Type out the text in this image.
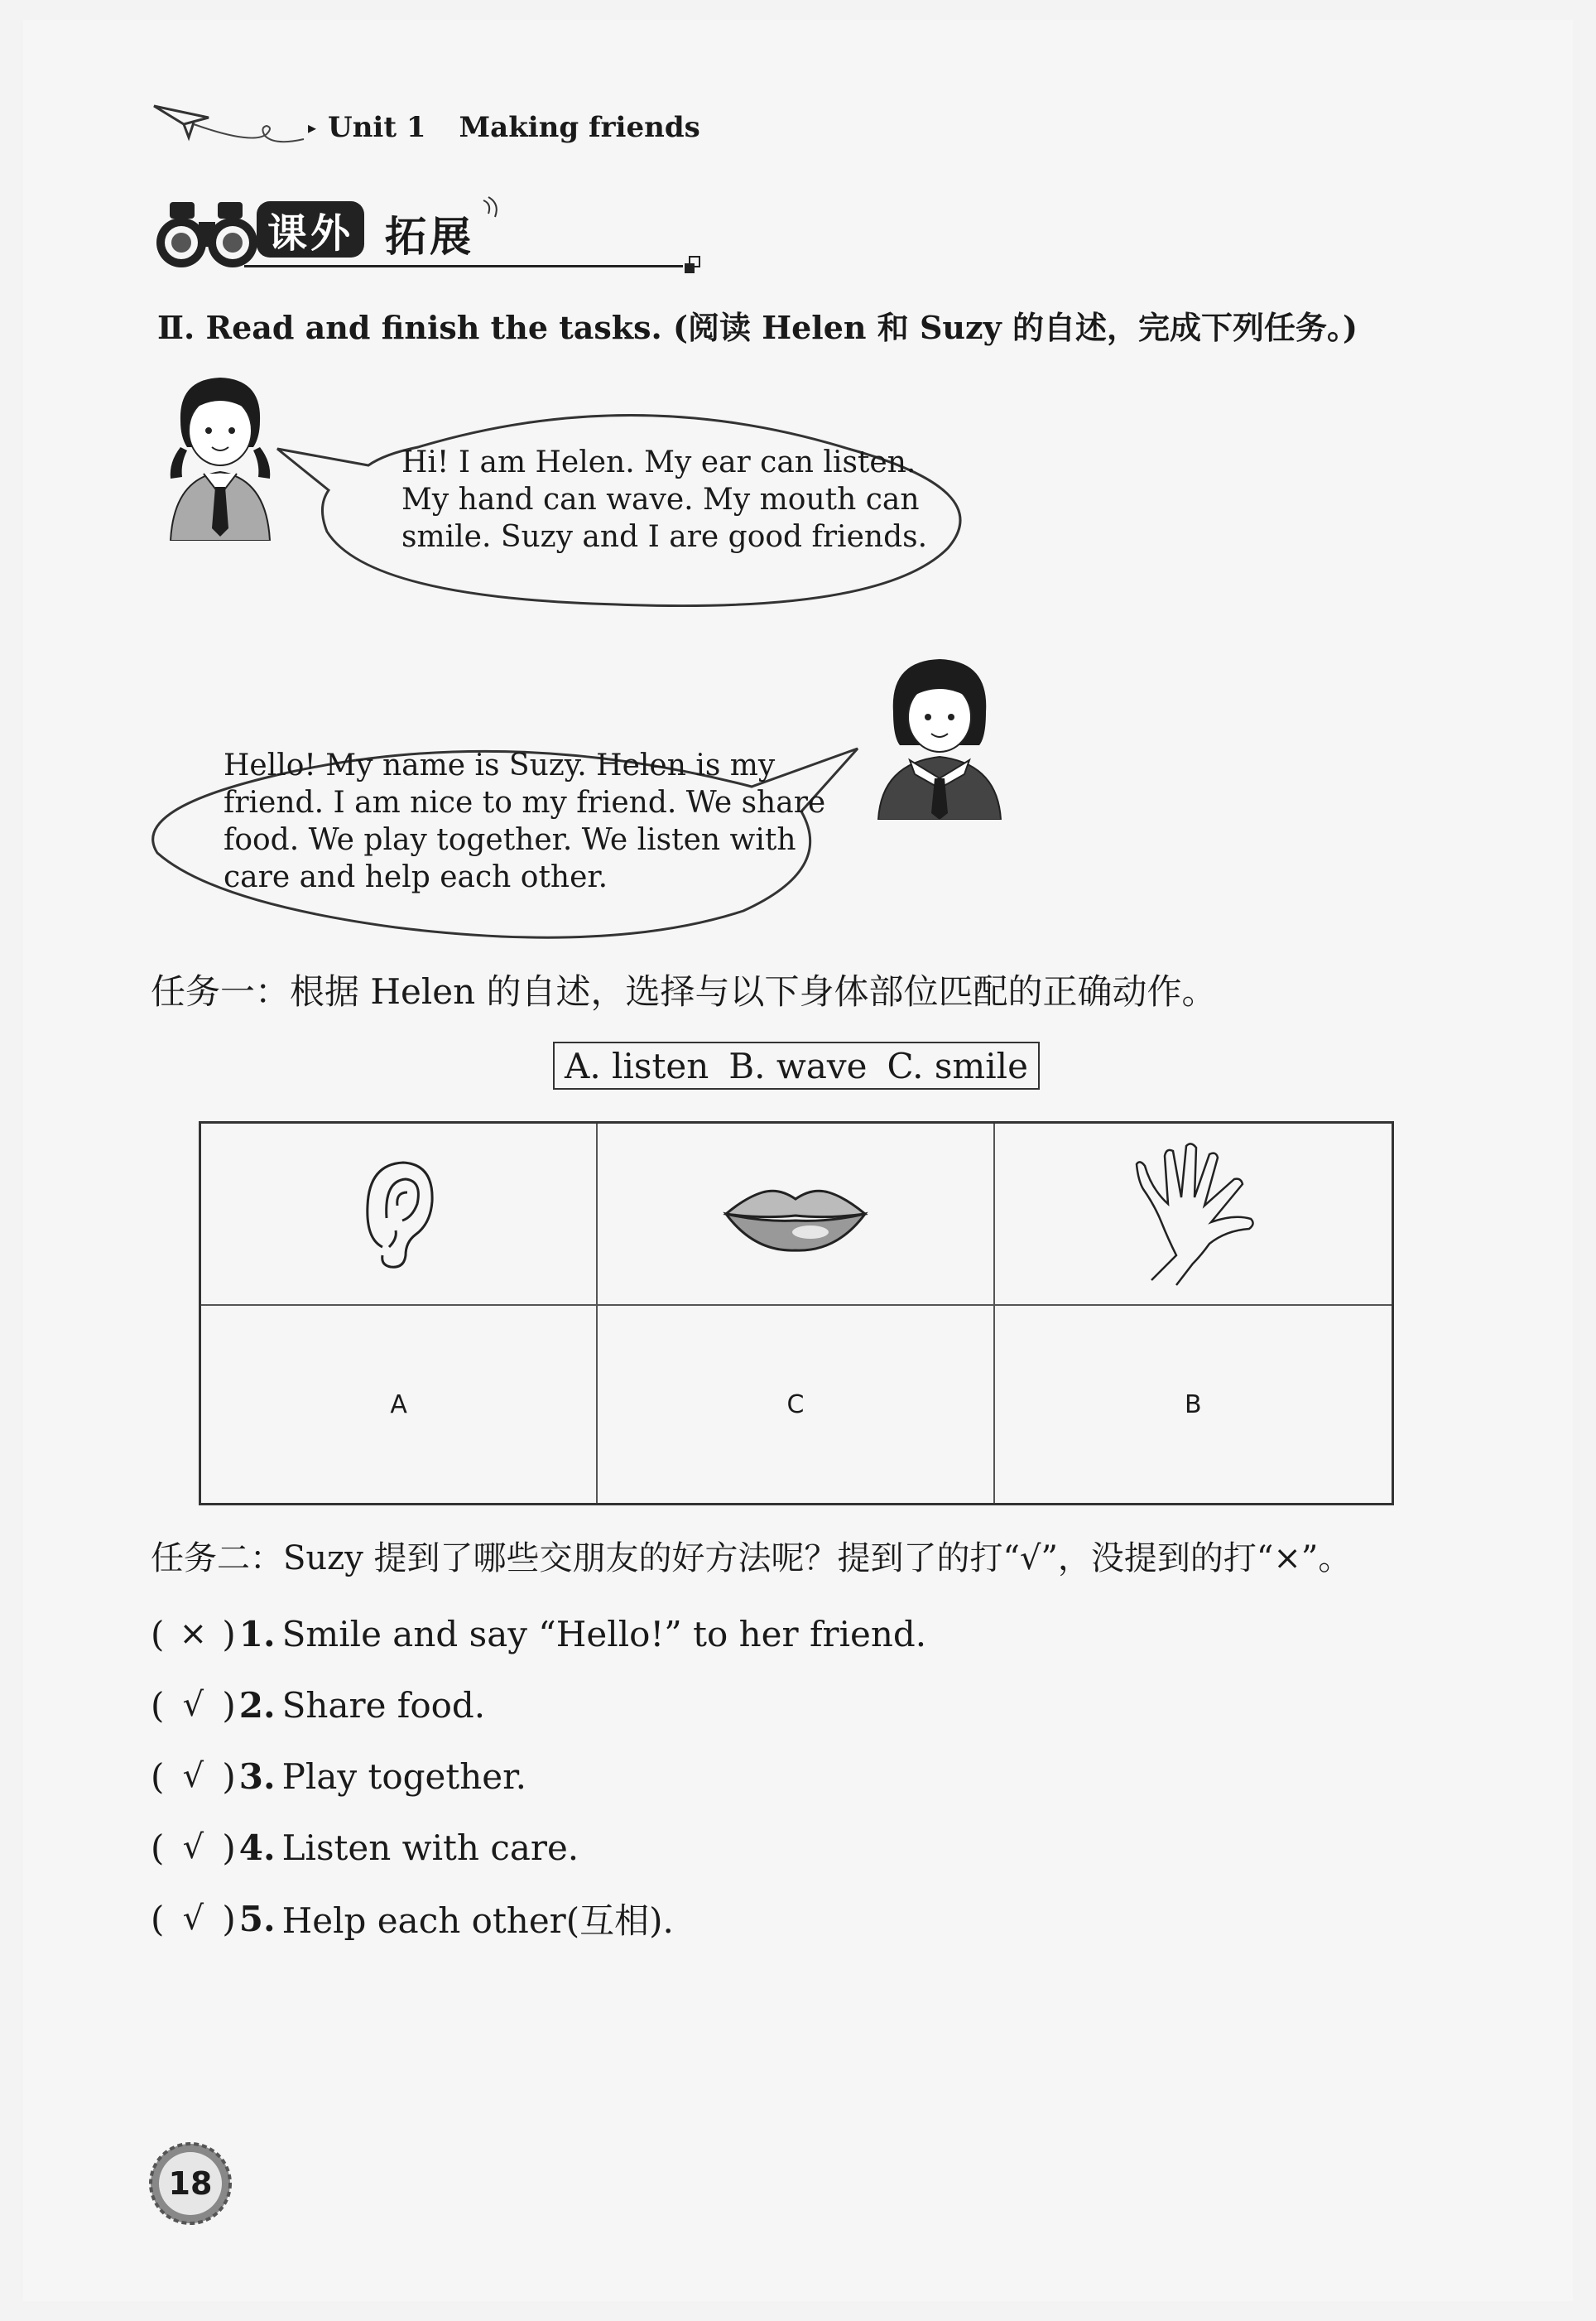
▸ Unit 1 Making friends
课外 拓展
Ⅱ. Read and finish the tasks. (阅读 Helen 和 Suzy 的自述，完成下列任务。)
Hi! I am Helen. My ear can listen.
My hand can wave. My mouth can
smile. Suzy and I are good friends.
Hello! My name is Suzy. Helen is my
friend. I am nice to my friend. We share
food. We play together. We listen with
care and help each other.
任务一：根据 Helen 的自述，选择与以下身体部位匹配的正确动作。
A. listen B. wave C. smile
A	C	B
任务二：Suzy 提到了哪些交朋友的好方法呢？提到了的打“√”，没提到的打“×”。
( × ) 1. Smile and say “Hello!” to her friend.
( √ ) 2. Share food.
( √ ) 3. Play together.
( √ ) 4. Listen with care.
( √ ) 5. Help each other(互相).
18
